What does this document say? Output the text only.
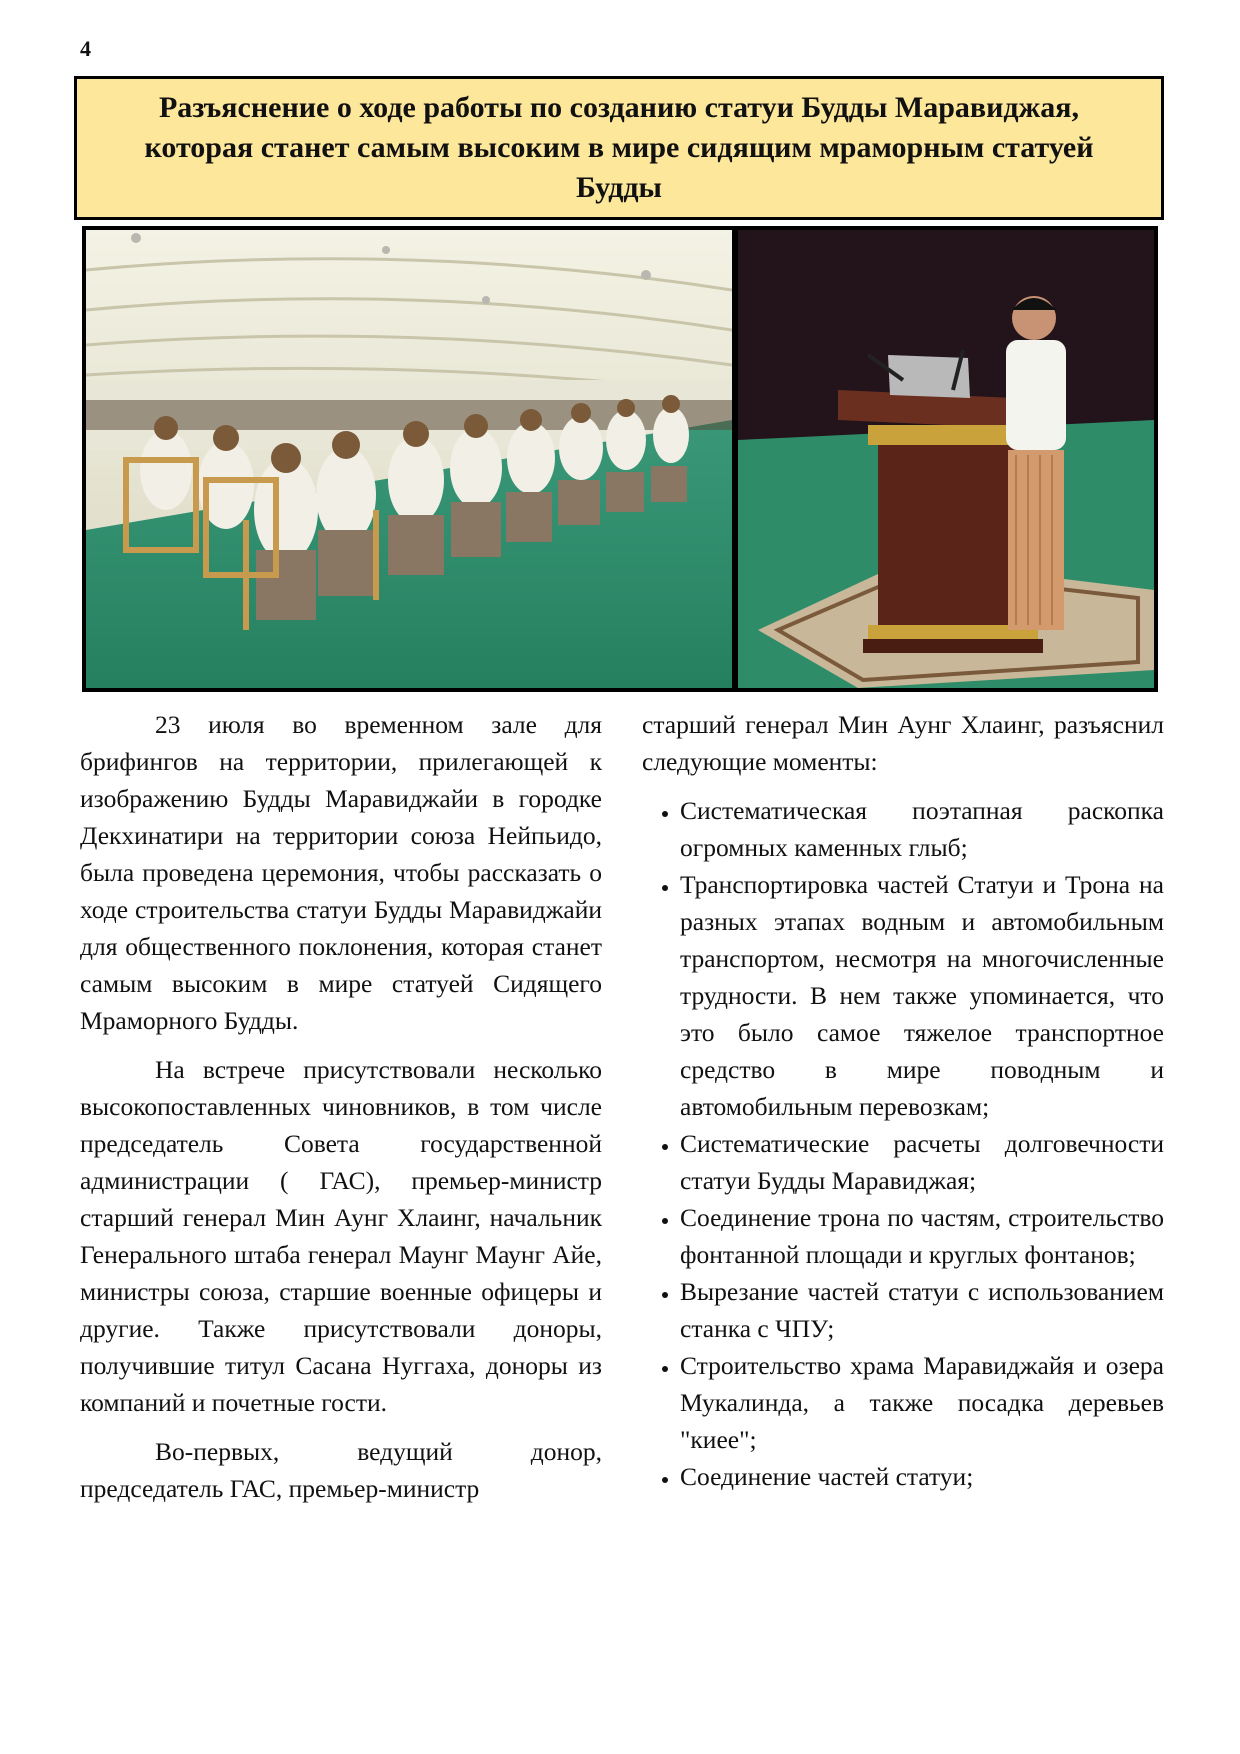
4
Разъяснение о ходе работы по созданию статуи Будды Маравиджая, которая станет самым высоким в мире сидящим мраморным статуей Будды

23 июля во временном зале для брифингов на территории, прилегающей к изображению Будды Маравиджайи в городке Декхинатири на территории союза Нейпьидо, была проведена церемония, чтобы рассказать о ходе строительства статуи Будды Маравиджайи для общественного поклонения, которая станет самым высоким в мире статуей Сидящего Мраморного Будды.

На встрече присутствовали несколько высокопоставленных чиновников, в том числе председатель Совета государственной администрации ( ГАС), премьер-министр старший генерал Мин Аунг Хлаинг, начальник Генерального штаба генерал Маунг Маунг Айе, министры союза, старшие военные офицеры и другие. Также присутствовали доноры, получившие титул Сасана Нуггаха, доноры из компаний и почетные гости.

Во-первых, ведущий донор, председатель ГАС, премьер-министр

старший генерал Мин Аунг Хлаинг, разъяснил следующие моменты:

• Систематическая поэтапная раскопка огромных каменных глыб;
• Транспортировка частей Статуи и Трона на разных этапах водным и автомобильным транспортом, несмотря на многочисленные трудности. В нем также упоминается, что это было самое тяжелое транспортное средство в мире поводным и автомобильным перевозкам;
• Систематические расчеты долговечности статуи Будды Маравиджая;
• Соединение трона по частям, строительство фонтанной площади и круглых фонтанов;
• Вырезание частей статуи с использованием станка с ЧПУ;
• Строительство храма Маравиджайя и озера Мукалинда, а также посадка деревьев "киее";
• Соединение частей статуи;
